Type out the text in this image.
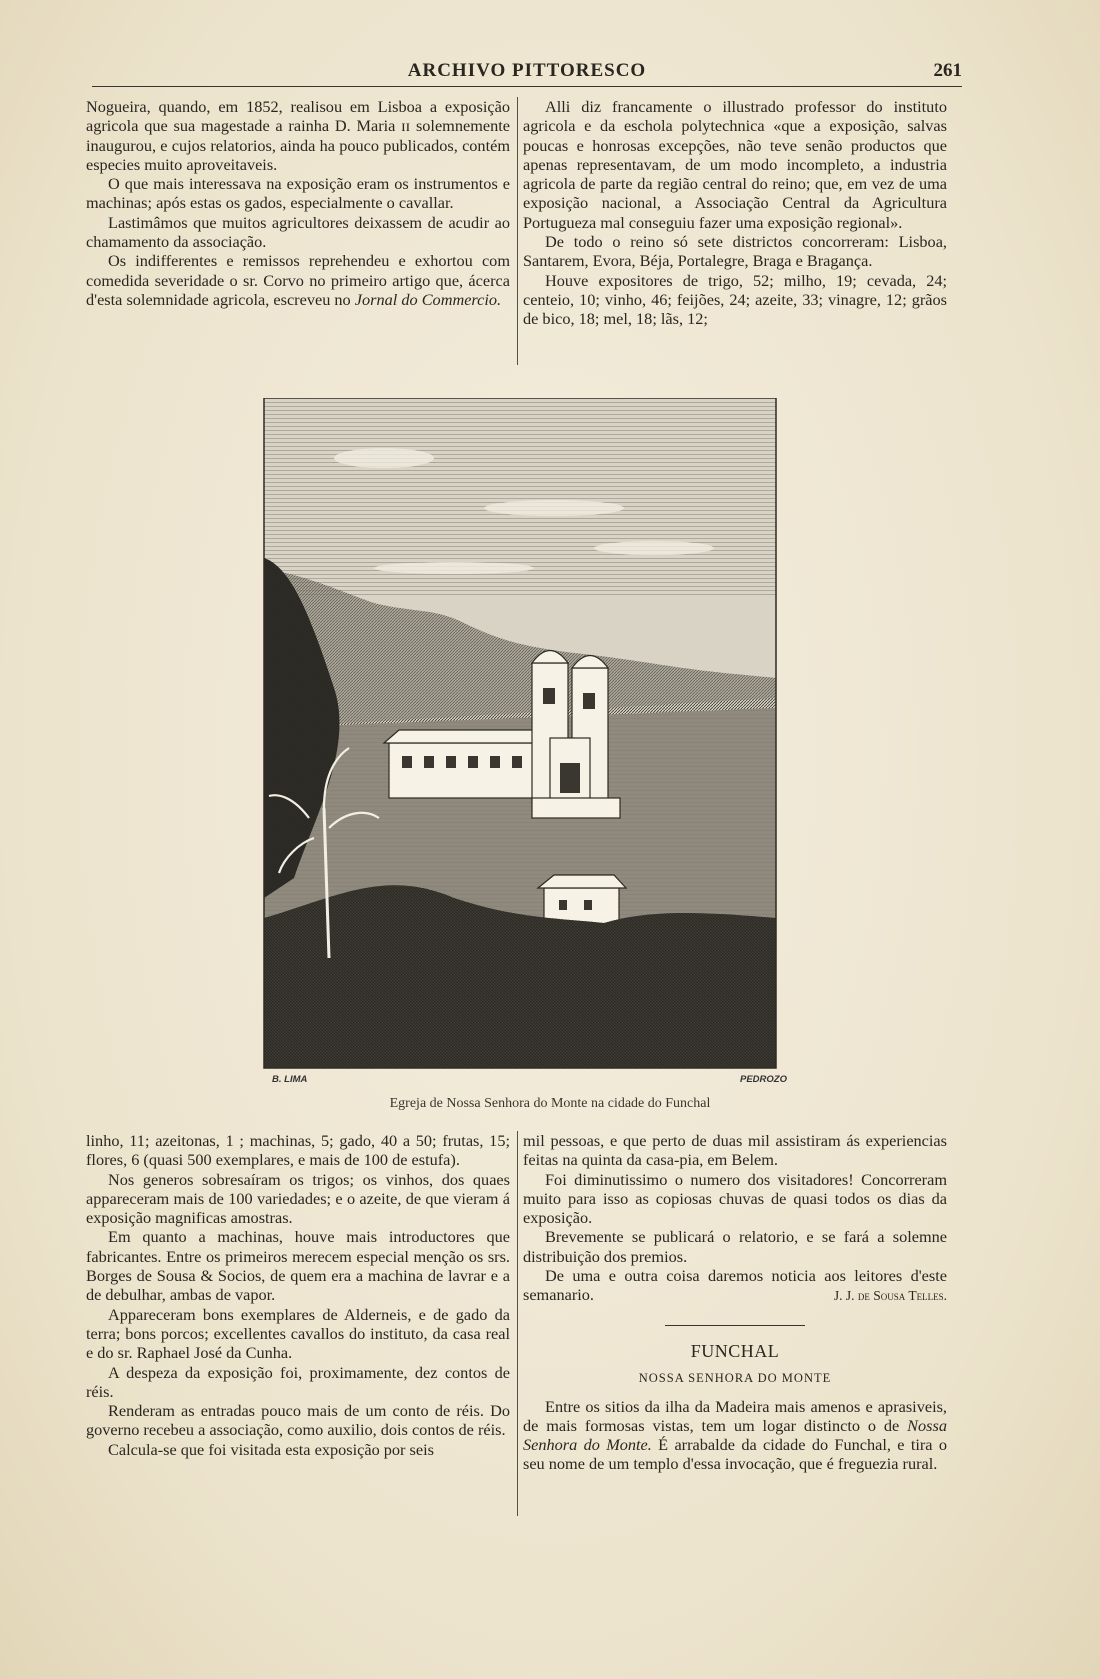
ARCHIVO PITTORESCO	261

Nogueira, quando, em 1852, realisou em Lisboa a exposição agricola que sua magestade a rainha D. Maria ɪɪ solemnemente inaugurou, e cujos relatorios, ainda ha pouco publicados, contém especies muito aproveitaveis.

O que mais interessava na exposição eram os instrumentos e machinas; após estas os gados, especialmente o cavallar.

Lastimâmos que muitos agricultores deixassem de acudir ao chamamento da associação.

Os indifferentes e remissos reprehendeu e exhortou com comedida severidade o sr. Corvo no primeiro artigo que, ácerca d'esta solemnidade agricola, escreveu no Jornal do Commercio.

Alli diz francamente o illustrado professor do instituto agricola e da eschola polytechnica «que a exposição, salvas poucas e honrosas excepções, não teve senão productos que apenas representavam, de um modo incompleto, a industria agricola de parte da região central do reino; que, em vez de uma exposição nacional, a Associação Central da Agricultura Portugueza mal conseguiu fazer uma exposição regional».

De todo o reino só sete districtos concorreram: Lisboa, Santarem, Evora, Béja, Portalegre, Braga e Bragança.

Houve expositores de trigo, 52; milho, 19; cevada, 24; centeio, 10; vinho, 46; feijões, 24; azeite, 33; vinagre, 12; grãos de bico, 18; mel, 18; lãs, 12;

B. LIMA	PEDROZO
Egreja de Nossa Senhora do Monte na cidade do Funchal

linho, 11; azeitonas, 1 ; machinas, 5; gado, 40 a 50; frutas, 15; flores, 6 (quasi 500 exemplares, e mais de 100 de estufa).

Nos generos sobresaíram os trigos; os vinhos, dos quaes appareceram mais de 100 variedades; e o azeite, de que vieram á exposição magnificas amostras.

Em quanto a machinas, houve mais introductores que fabricantes. Entre os primeiros merecem especial menção os srs. Borges de Sousa & Socios, de quem era a machina de lavrar e a de debulhar, ambas de vapor.

Appareceram bons exemplares de Alderneis, e de gado da terra; bons porcos; excellentes cavallos do instituto, da casa real e do sr. Raphael José da Cunha.

A despeza da exposição foi, proximamente, dez contos de réis.

Renderam as entradas pouco mais de um conto de réis. Do governo recebeu a associação, como auxilio, dois contos de réis.

Calcula-se que foi visitada esta exposição por seis

mil pessoas, e que perto de duas mil assistiram ás experiencias feitas na quinta da casa-pia, em Belem.

Foi diminutissimo o numero dos visitadores! Concorreram muito para isso as copiosas chuvas de quasi todos os dias da exposição.

Brevemente se publicará o relatorio, e se fará a solemne distribuição dos premios.

De uma e outra coisa daremos noticia aos leitores d'este semanario.	J. J. de Sousa Telles.
FUNCHAL
NOSSA SENHORA DO MONTE

Entre os sitios da ilha da Madeira mais amenos e aprasiveis, de mais formosas vistas, tem um logar distincto o de Nossa Senhora do Monte. É arrabalde da cidade do Funchal, e tira o seu nome de um templo d'essa invocação, que é freguezia rural.
